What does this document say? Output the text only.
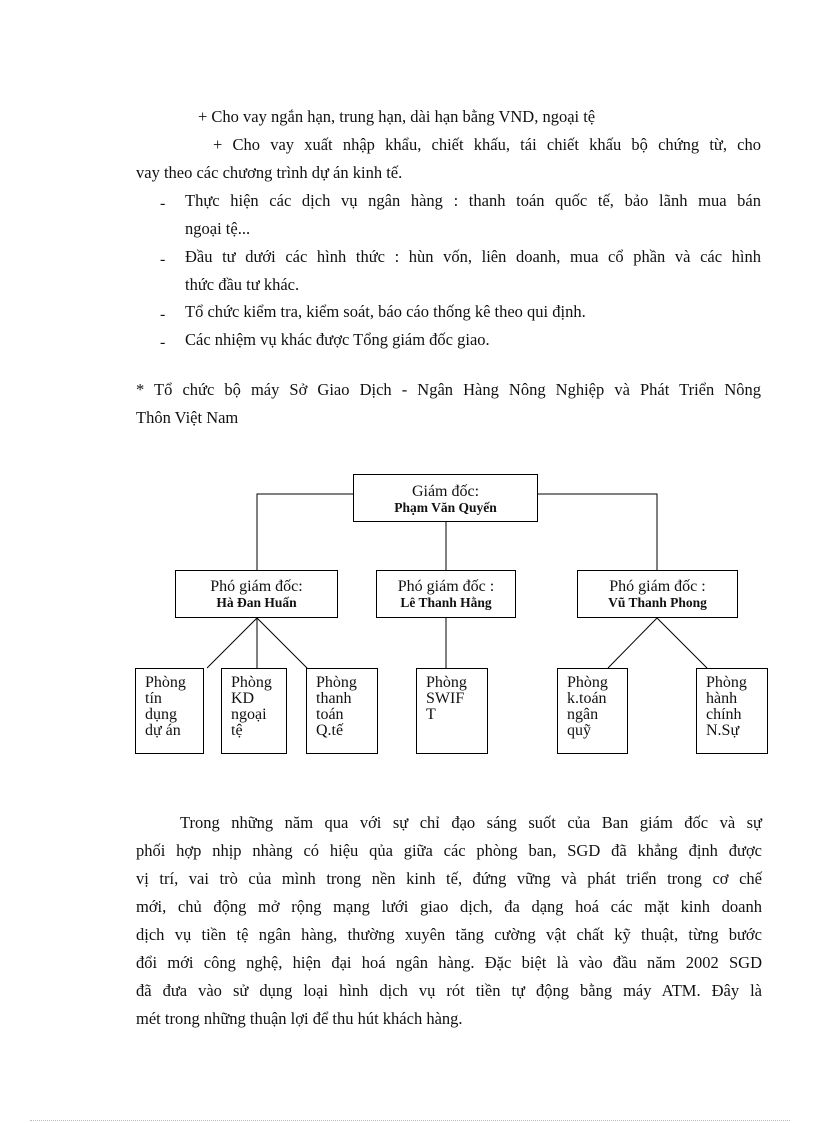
+ Cho vay ngắn hạn, trung hạn, dài hạn bằng VND, ngoại tệ
+ Cho vay xuất nhập khẩu, chiết khấu, tái chiết khấu bộ chứng từ, cho
vay theo các chương trình dự án kinh tế.
- Thực hiện các dịch vụ ngân hàng : thanh toán quốc tế, bảo lãnh mua bán
ngoại tệ...
- Đầu tư dưới các hình thức : hùn vốn, liên doanh, mua cổ phần và các hình
thức đầu tư khác.
- Tổ chức kiểm tra, kiểm soát, báo cáo thống kê theo qui định.
- Các nhiệm vụ khác được Tổng giám đốc giao.
* Tổ chức bộ máy Sở Giao Dịch - Ngân Hàng Nông Nghiệp và Phát Triển Nông
Thôn Việt Nam
Giám đốc:
Phạm Văn Quyến
Phó giám đốc:
Hà Đan Huấn
Phó giám đốc :
Lê Thanh Hằng
Phó giám đốc :
Vũ Thanh Phong
Phòng
tín
dụng
dự án
Phòng
KD
ngoại
tệ
Phòng
thanh
toán
Q.tế
Phòng
SWIF
T
Phòng
k.toán
ngân
quỹ
Phòng
hành
chính
N.Sự
Trong những năm qua với sự chỉ đạo sáng suốt của Ban giám đốc và sự
phối hợp nhịp nhàng có hiệu qủa giữa các phòng ban, SGD đã khẳng định được
vị trí, vai trò của mình trong nền kinh tế, đứng vững và phát triển trong cơ chế
mới, chủ động mở rộng mạng lưới giao dịch, đa dạng hoá các mặt kinh doanh
dịch vụ tiền tệ ngân hàng, thường xuyên tăng cường vật chất kỹ thuật, từng bước
đổi mới công nghệ, hiện đại hoá ngân hàng. Đặc biệt là vào đầu năm 2002 SGD
đã đưa vào sử dụng loại hình dịch vụ rót tiền tự động bằng máy ATM. Đây là
mét trong những thuận lợi để thu hút khách hàng.
